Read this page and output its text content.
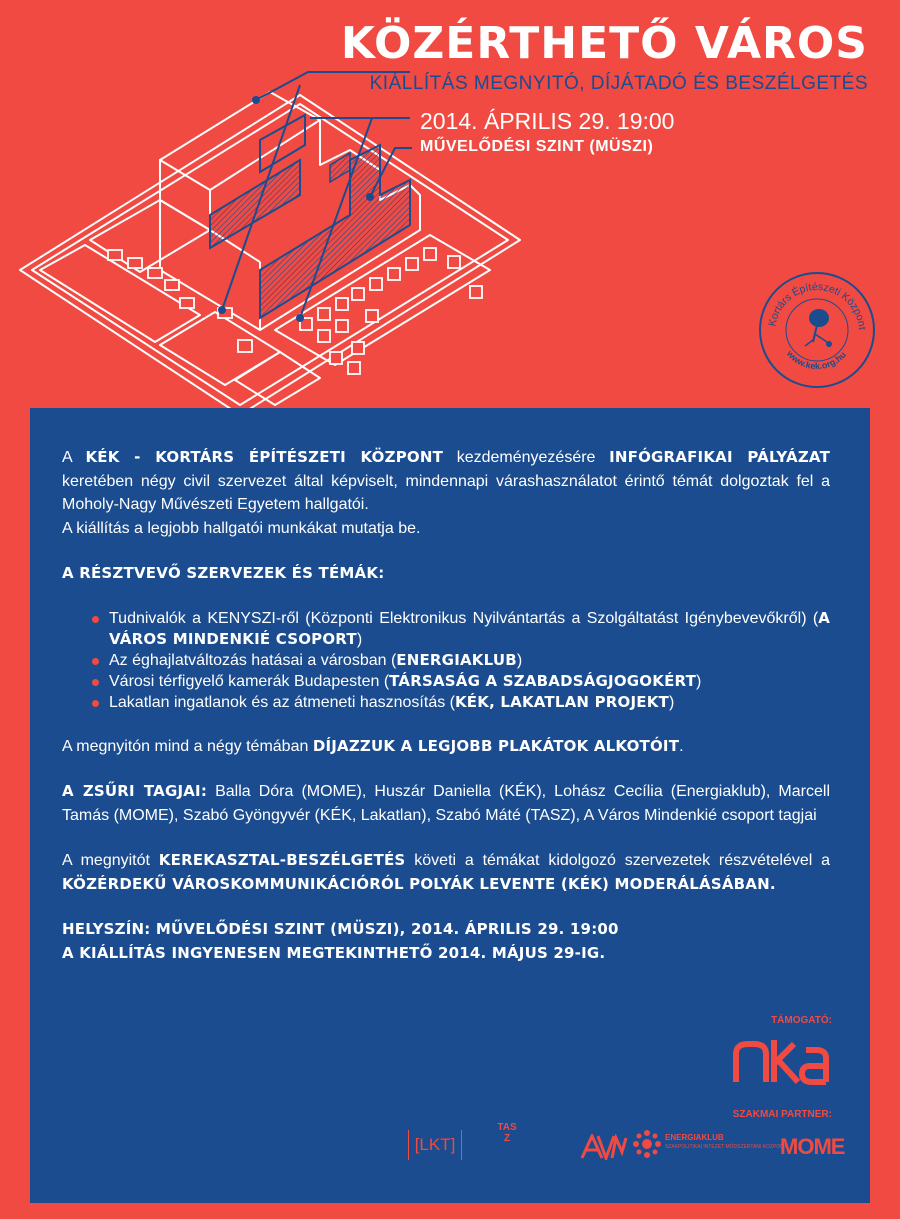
KÖZÉRTHETŐ VÁROS
KIÁLLÍTÁS MEGNYITÓ, DÍJÁTADÓ ÉS BESZÉLGETÉS
2014. ÁPRILIS 29. 19:00
MŰVELŐDÉSI SZINT (MÜSZI)
Kortárs Építészeti Központ
www.kek.org.hu

A KÉK - KORTÁRS ÉPÍTÉSZETI KÖZPONT kezdeményezésére INFÓGRAFIKAI PÁLYÁZAT keretében négy civil szervezet által képviselt, mindennapi várashasználatot érintő témát dolgoztak fel a Moholy-Nagy Művészeti Egyetem hallgatói.
A kiállítás a legjobb hallgatói munkákat mutatja be.

A RÉSZTVEVŐ SZERVEZEK ÉS TÉMÁK:

Tudnivalók a KENYSZI-ről (Központi Elektronikus Nyilvántartás a Szolgáltatást Igénybevevőkről) (A VÁROS MINDENKIÉ CSOPORT)
Az éghajlatváltozás hatásai a városban (ENERGIAKLUB)
Városi térfigyelő kamerák Budapesten (TÁRSASÁG A SZABADSÁGJOGOKÉRT)
Lakatlan ingatlanok és az átmeneti hasznosítás (KÉK, LAKATLAN PROJEKT)

A megnyitón mind a négy témában DÍJAZZUK A LEGJOBB PLAKÁTOK ALKOTÓIT.

A ZSŰRI TAGJAI: Balla Dóra (MOME), Huszár Daniella (KÉK), Lohász Cecília (Energiaklub), Marcell Tamás (MOME), Szabó Gyöngyvér (KÉK, Lakatlan), Szabó Máté (TASZ), A Város Mindenkié csoport tagjai

A megnyitót KEREKASZTAL-BESZÉLGETÉS követi a témákat kidolgozó szervezetek részvételével a KÖZÉRDEKŰ VÁROSKOMMUNIKÁCIÓRÓL POLYÁK LEVENTE (KÉK) MODERÁLÁSÁBAN.

HELYSZÍN: MŰVELŐDÉSI SZINT (MÜSZI), 2014. ÁPRILIS 29. 19:00

A KIÁLLÍTÁS INGYENESEN MEGTEKINTHETŐ 2014. MÁJUS 29-IG.

TÁMOGATÓ:
SZAKMAI PARTNER:
[LKT]
TASZ	ENERGIAKLUB
SZAKPOLITIKAI INTÉZET MÓDSZERTANI KÖZPONT
MOME
